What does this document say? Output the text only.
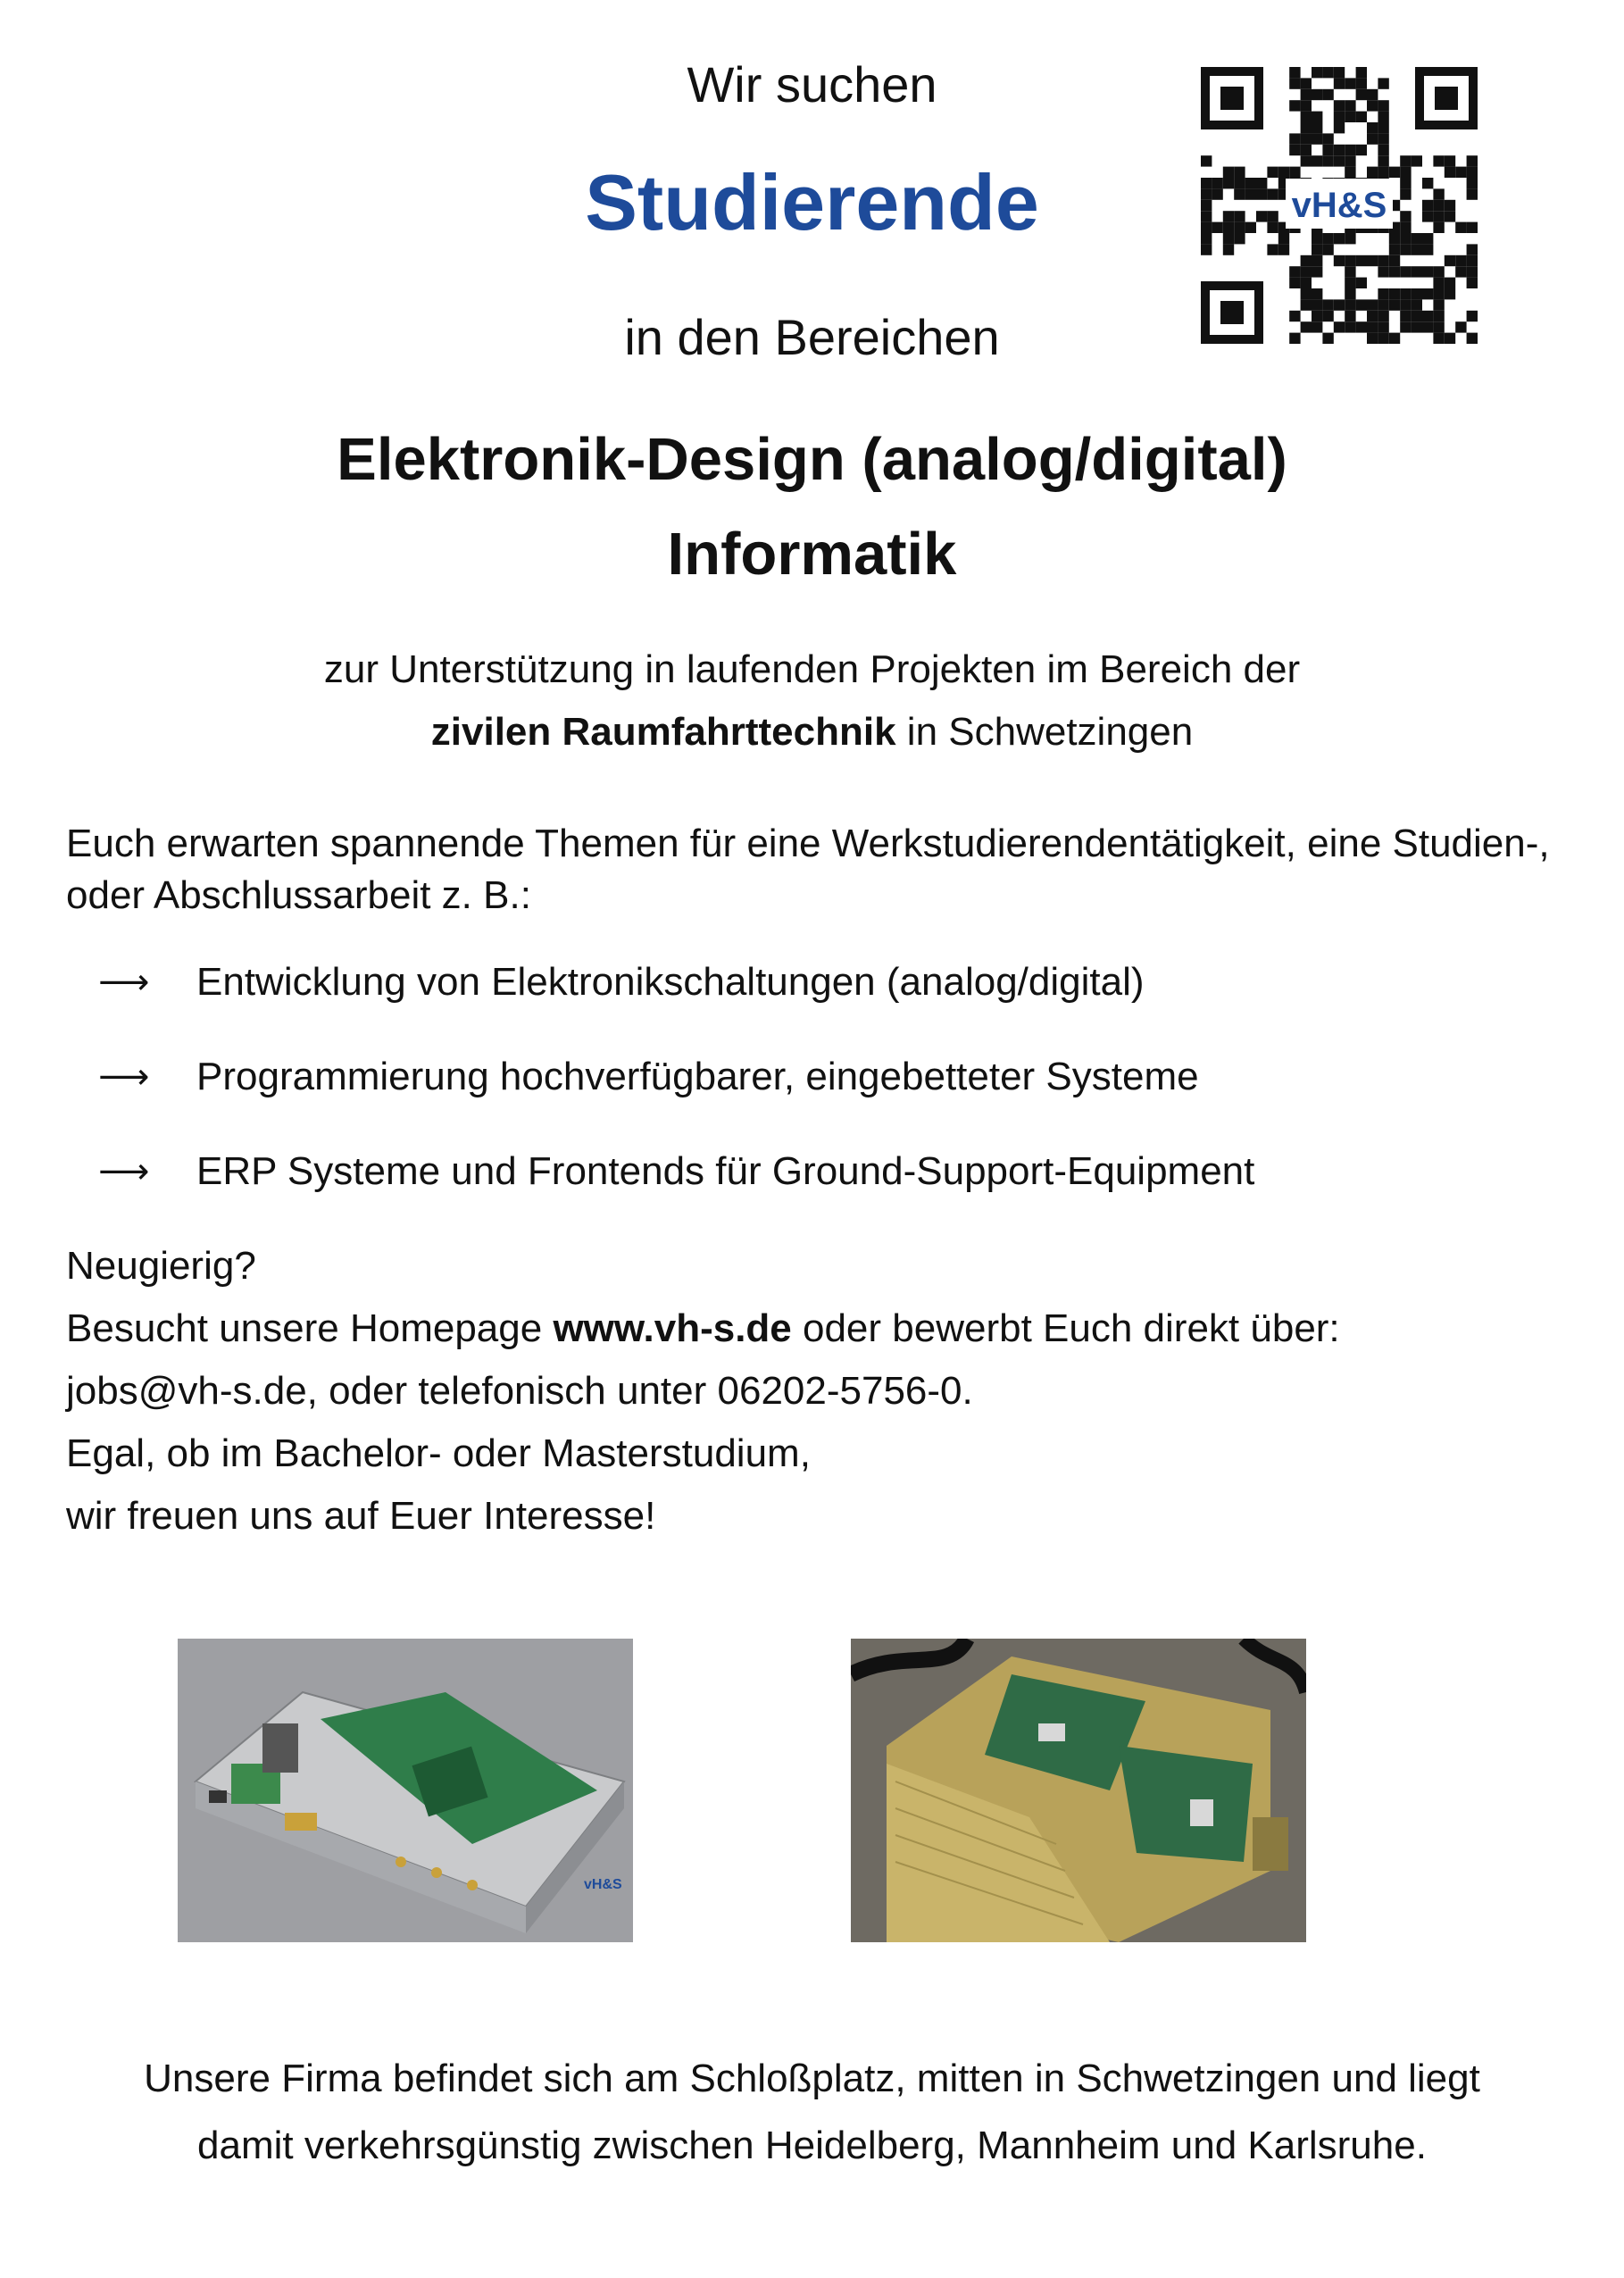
Wir suchen
Studierende
in den Bereichen
vH&S
Elektronik-Design (analog/digital)
Informatik
zur Unterstützung in laufenden Projekten im Bereich der
zivilen Raumfahrttechnik in Schwetzingen
Euch erwarten spannende Themen für eine Werkstudierendentätigkeit, eine Studien-, oder Abschlussarbeit z. B.:
⟶	Entwicklung von Elektronikschaltungen (analog/digital)
⟶	Programmierung hochverfügbarer, eingebetteter Systeme
⟶	ERP Systeme und Frontends für Ground-Support-Equipment
Neugierig?
Besucht unsere Homepage www.vh-s.de oder bewerbt Euch direkt über:
jobs@vh-s.de, oder telefonisch unter 06202-5756-0.
Egal, ob im Bachelor- oder Masterstudium,
wir freuen uns auf Euer Interesse!
vH&S
Unsere Firma befindet sich am Schloßplatz, mitten in Schwetzingen und liegt
damit verkehrsgünstig zwischen Heidelberg, Mannheim und Karlsruhe.
